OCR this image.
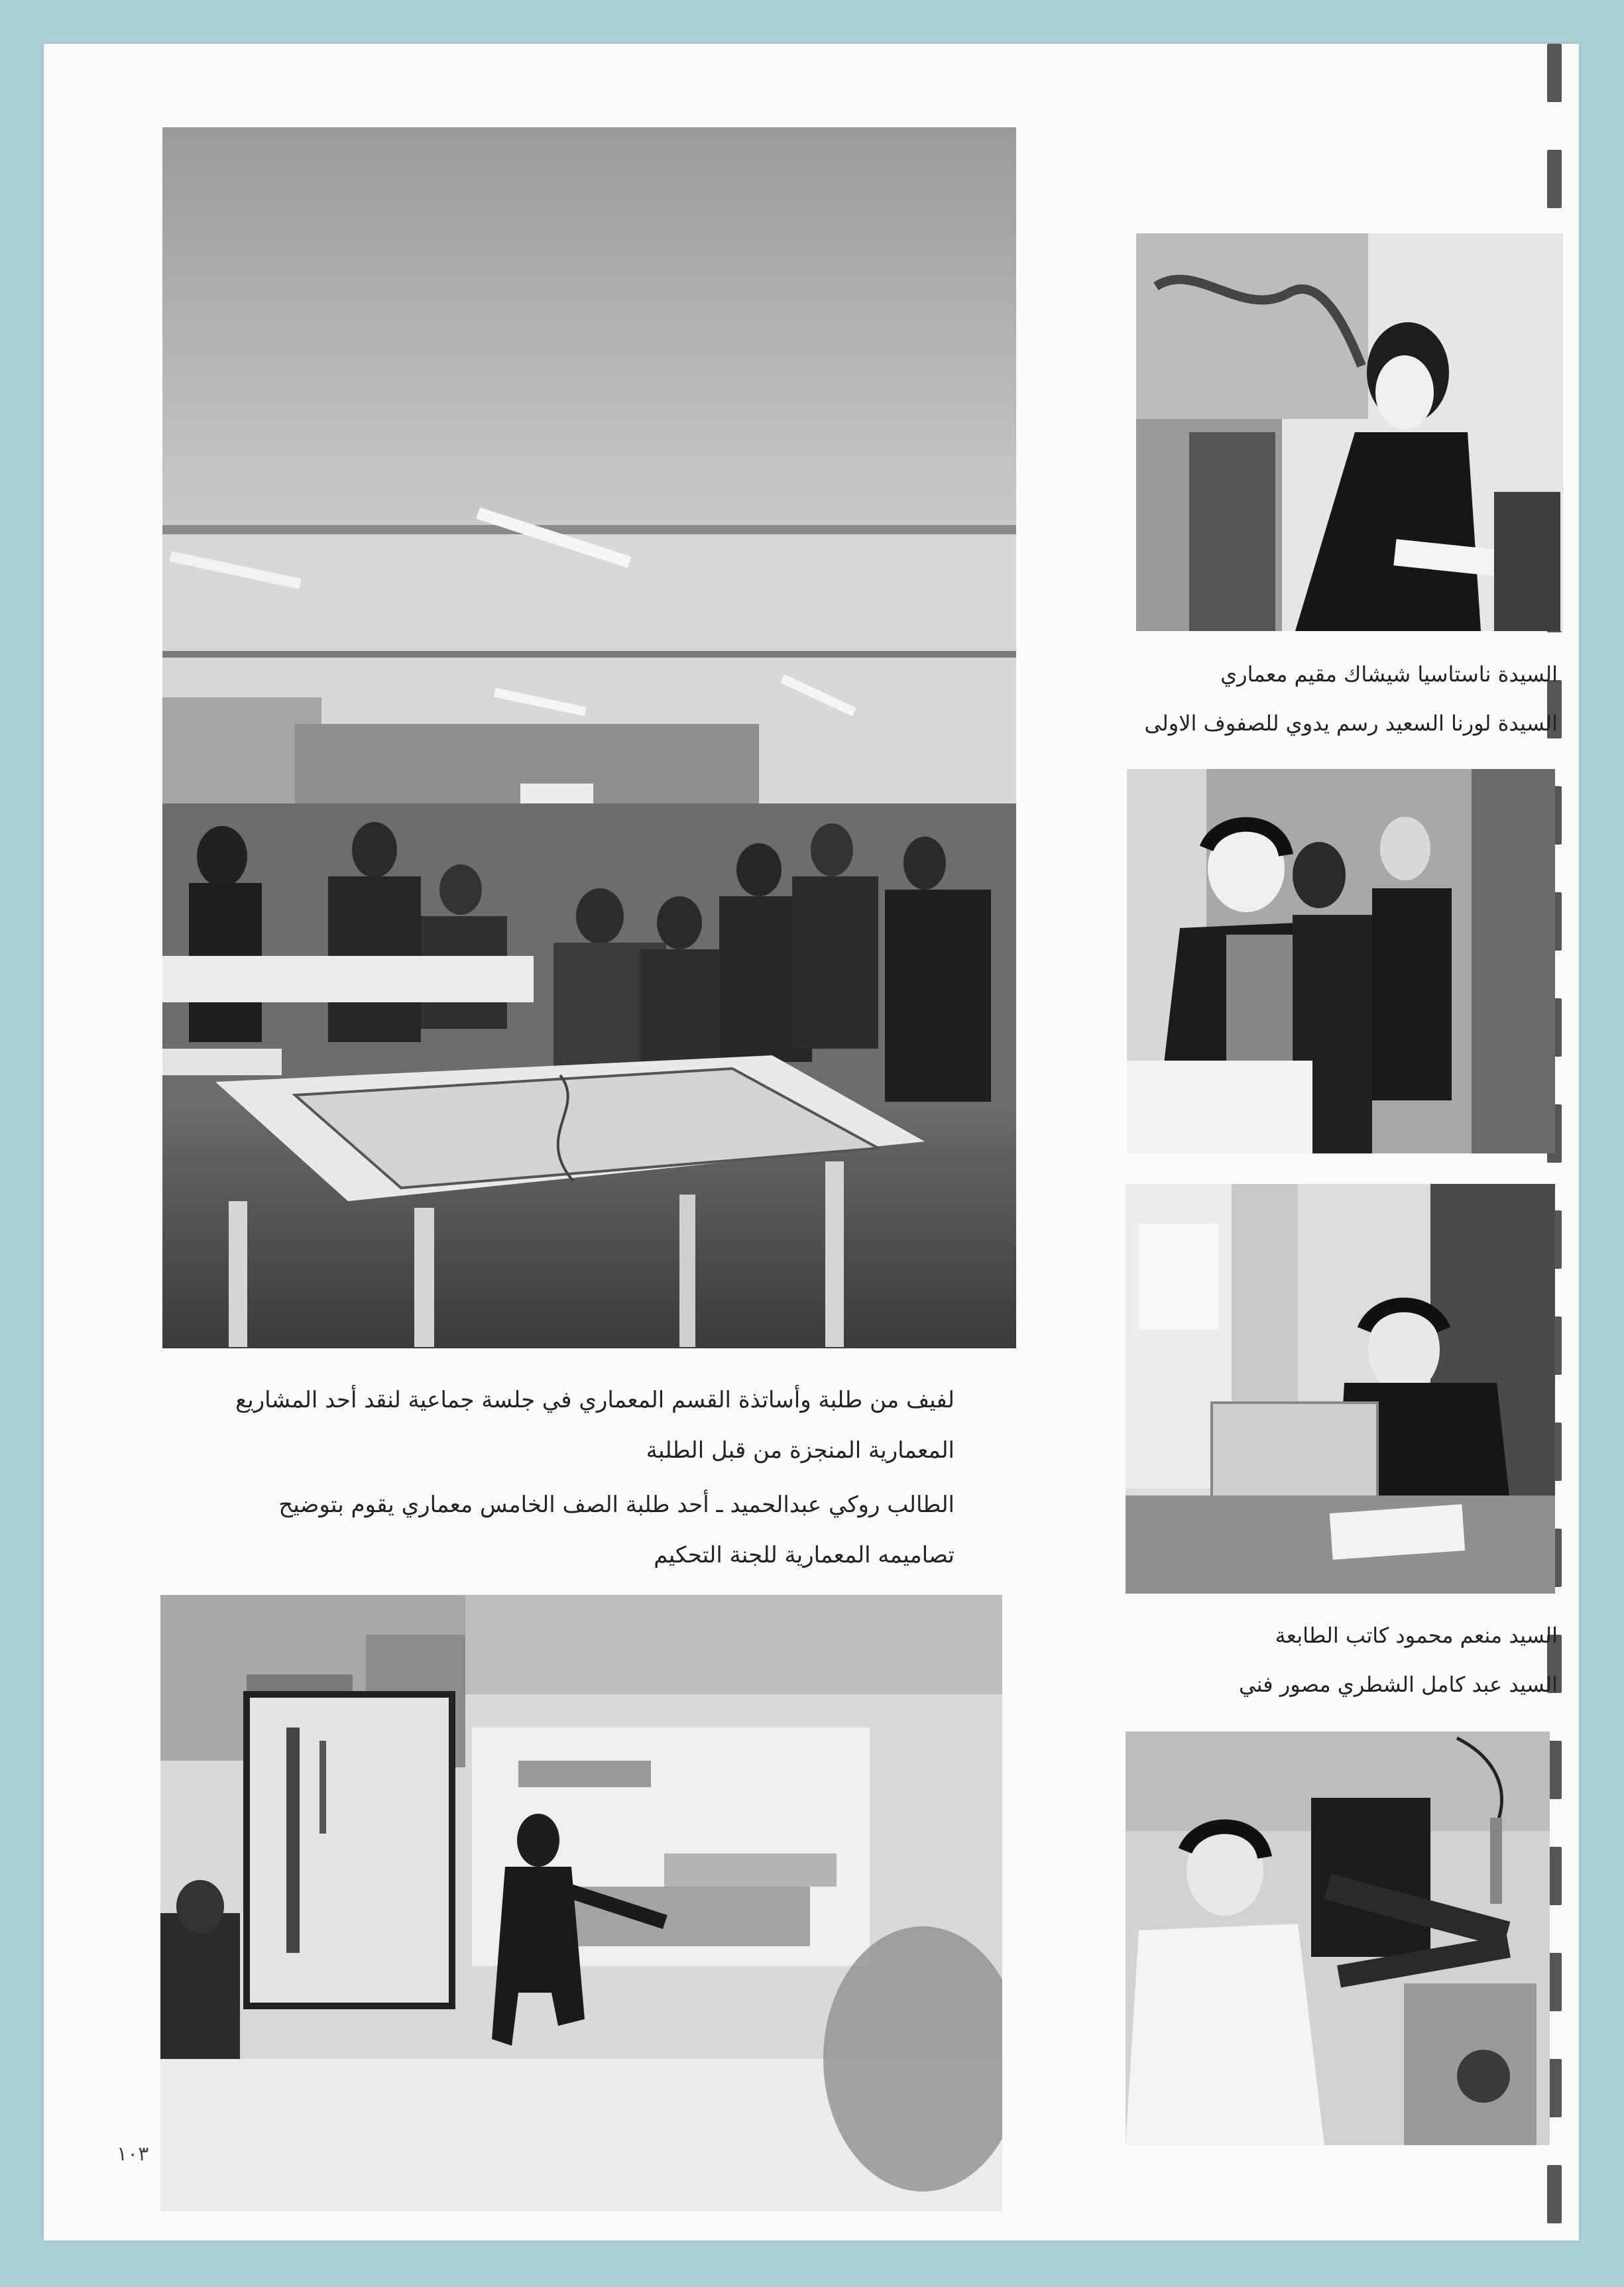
لفيف من طلبة وأساتذة القسم المعماري في جلسة جماعية لنقد أحد المشاريع
المعمارية المنجزة من قبل الطلبة
الطالب روكي عبدالحميد ـ أحد طلبة الصف الخامس معماري يقوم بتوضيح
تصاميمه المعمارية للجنة التحكيم
السيدة ناستاسيا شيشاك مقيم معماري
السيدة لورنا السعيد رسم يدوي للصفوف الاولى
السيد منعم محمود كاتب الطابعة
السيد عبد كامل الشطري مصور فني
١٠٣
